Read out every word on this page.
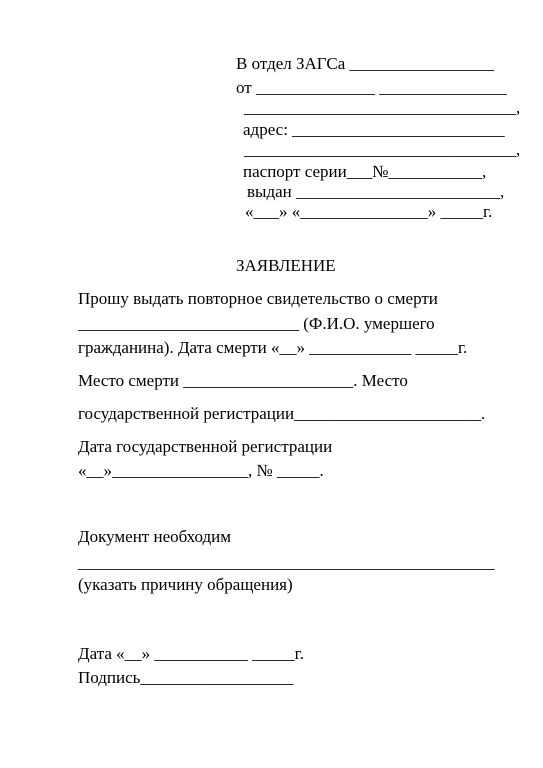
В отдел ЗАГСа _________________
от ______________ _______________
________________________________,
адрес: _________________________
________________________________,
паспорт серии___№___________,
выдан ________________________,
«___» «_______________» _____г.
ЗАЯВЛЕНИЕ
Прошу выдать повторное свидетельство о смерти
__________________________ (Ф.И.О. умершего
гражданина). Дата смерти «__» ____________ _____г.
Место смерти ____________________. Место
государственной регистрации______________________.
Дата государственной регистрации
«__»________________, № _____.
Документ необходим
_________________________________________________
(указать причину обращения)
Дата «__» ___________ _____г.
Подпись__________________
